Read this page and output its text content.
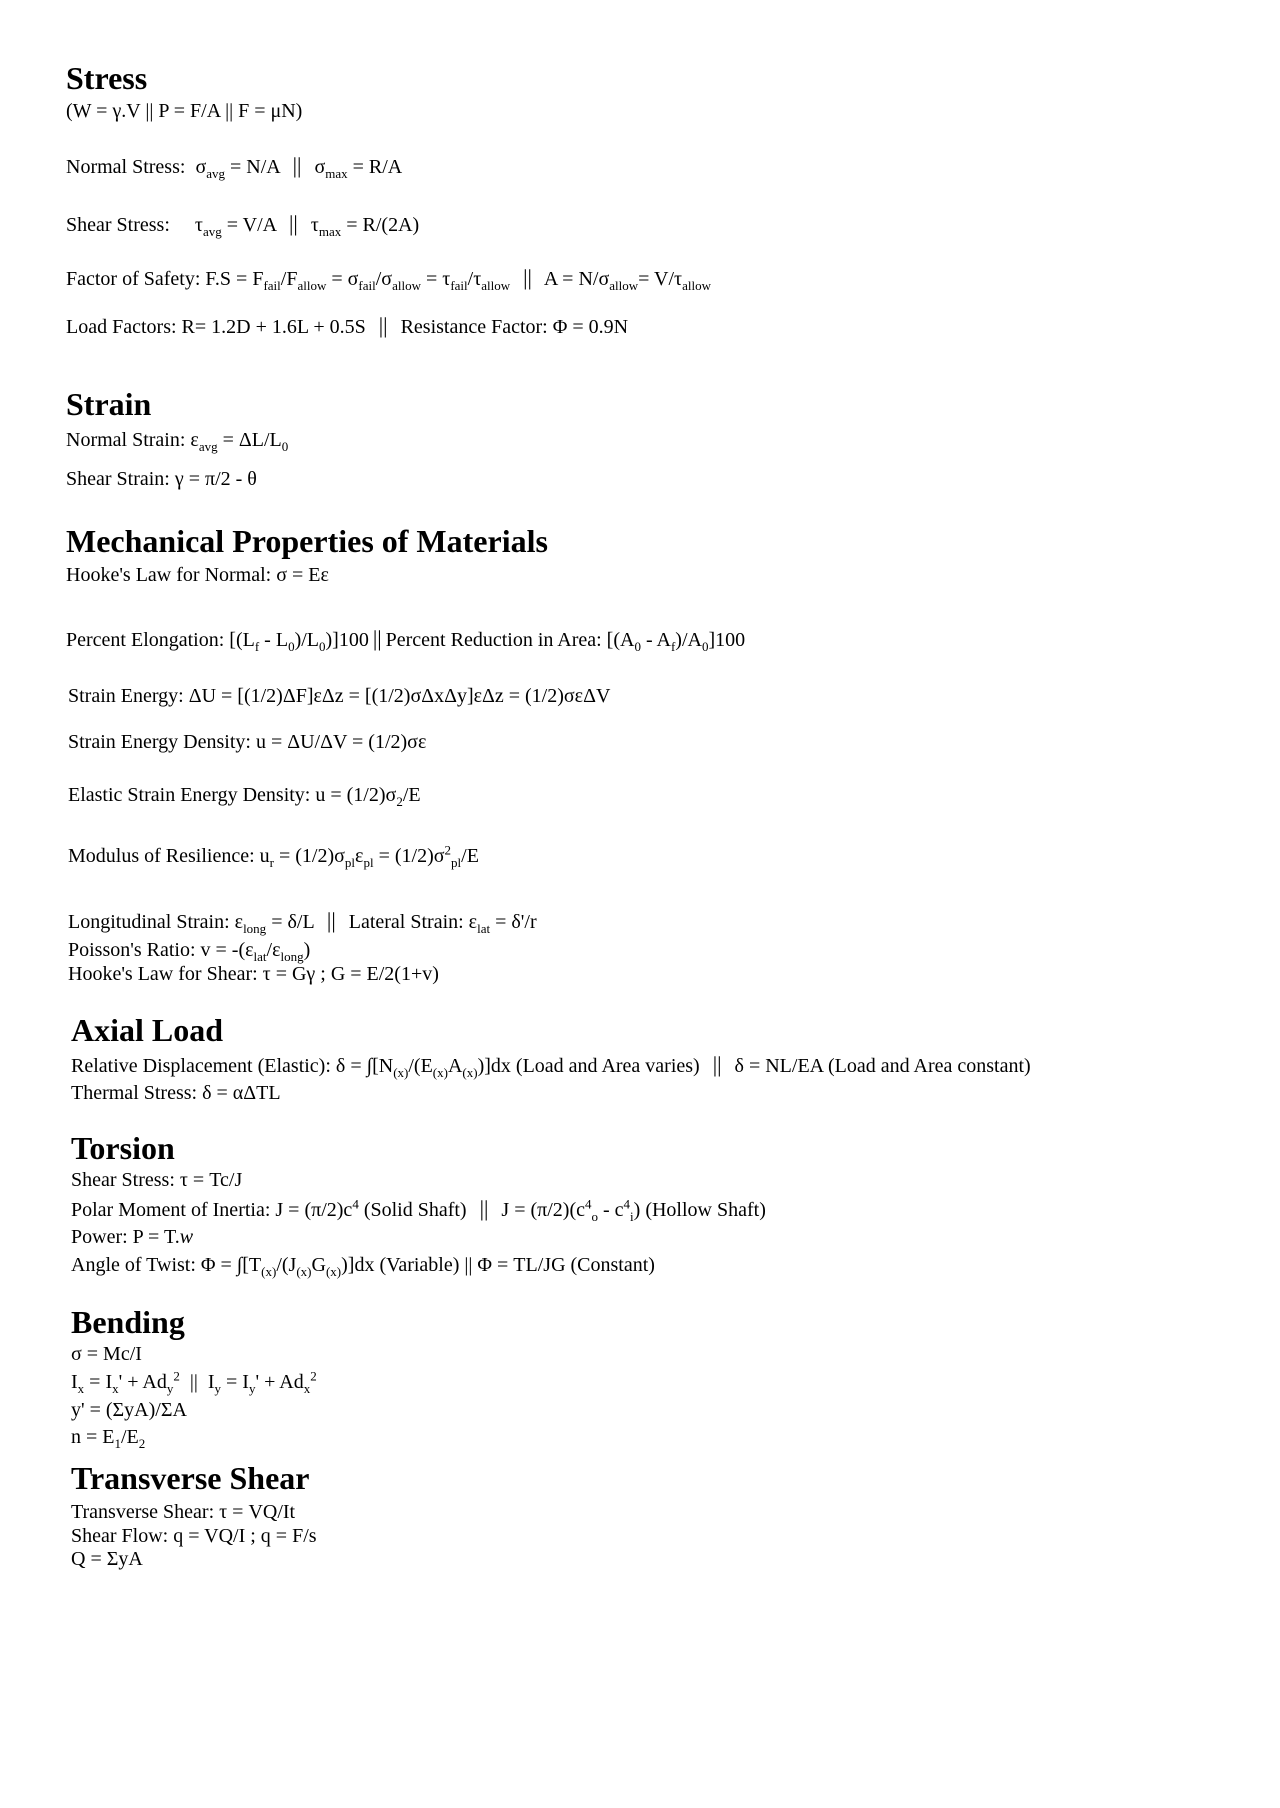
Stress
(W = γ.V || P = F/A || F = μN)
Normal Stress: $\sigma_{avg} = N/A$ || $\sigma_{max} = R/A$
Shear Stress: $\tau_{avg} = V/A$ || $\tau_{max} = R/(2A)$
Factor of Safety: $F.S = F_{fail}/F_{allow} = \sigma_{fail}/\sigma_{allow} = \tau_{fail}/\tau_{allow}$ || $A = N/\sigma_{allow}= V/\tau_{allow}$
Load Factors: R= 1.2D + 1.6L + 0.5S || Resistance Factor: Φ = 0.9N
Strain
Normal Strain: $\varepsilon_{avg} = \Delta L/L_0$
Shear Strain: γ = π/2 - θ
Mechanical Properties of Materials
Hooke's Law for Normal: σ = Eε
Percent Elongation: $[(L_f - L_0)/L_0)]100$ || Percent Reduction in Area: $[(A_0 - A_f)/A_0]100$
Strain Energy: ΔU = [(1/2)ΔF]εΔz = [(1/2)σΔxΔy]εΔz = (1/2)σεΔV
Strain Energy Density: u = ΔU/ΔV = (1/2)σε
Elastic Strain Energy Density: $u = (1/2)\sigma_2/E$
Modulus of Resilience: $u_r = (1/2)\sigma_{pl}\varepsilon_{pl} = (1/2)\sigma^2_{pl}/E$
Longitudinal Strain: $\varepsilon_{long} = \delta/L$ || Lateral Strain: $\varepsilon_{lat} = \delta'/r$
Poisson's Ratio: $v = -(\varepsilon_{lat}/\varepsilon_{long})$
Hooke's Law for Shear: τ = Gγ ; G = E/2(1+v)
Axial Load
Relative Displacement (Elastic): $\delta = \int[N_{(x)}/(E_{(x)}A_{(x)})]dx$ (Load and Area varies) || δ = NL/EA (Load and Area constant)
Thermal Stress: δ = αΔTL
Torsion
Shear Stress: τ = Tc/J
Polar Moment of Inertia: $J = (\pi/2)c^4$ (Solid Shaft) || $J = (\pi/2)(c^4_o - c^4_i)$ (Hollow Shaft)
Power: P = T.w
Angle of Twist: $\Phi = \int[T_{(x)}/(J_{(x)}G_{(x)})]dx$ (Variable) || Φ = TL/JG (Constant)
Bending
σ = Mc/I
$I_x = I_x' + Ad_y^2$  ||  $I_y = I_y' + Ad_x^2$
y' = (ΣyA)/ΣA
$n = E_1/E_2$
Transverse Shear
Transverse Shear: τ = VQ/It
Shear Flow: q = VQ/I ; q = F/s
Q = ΣyA
